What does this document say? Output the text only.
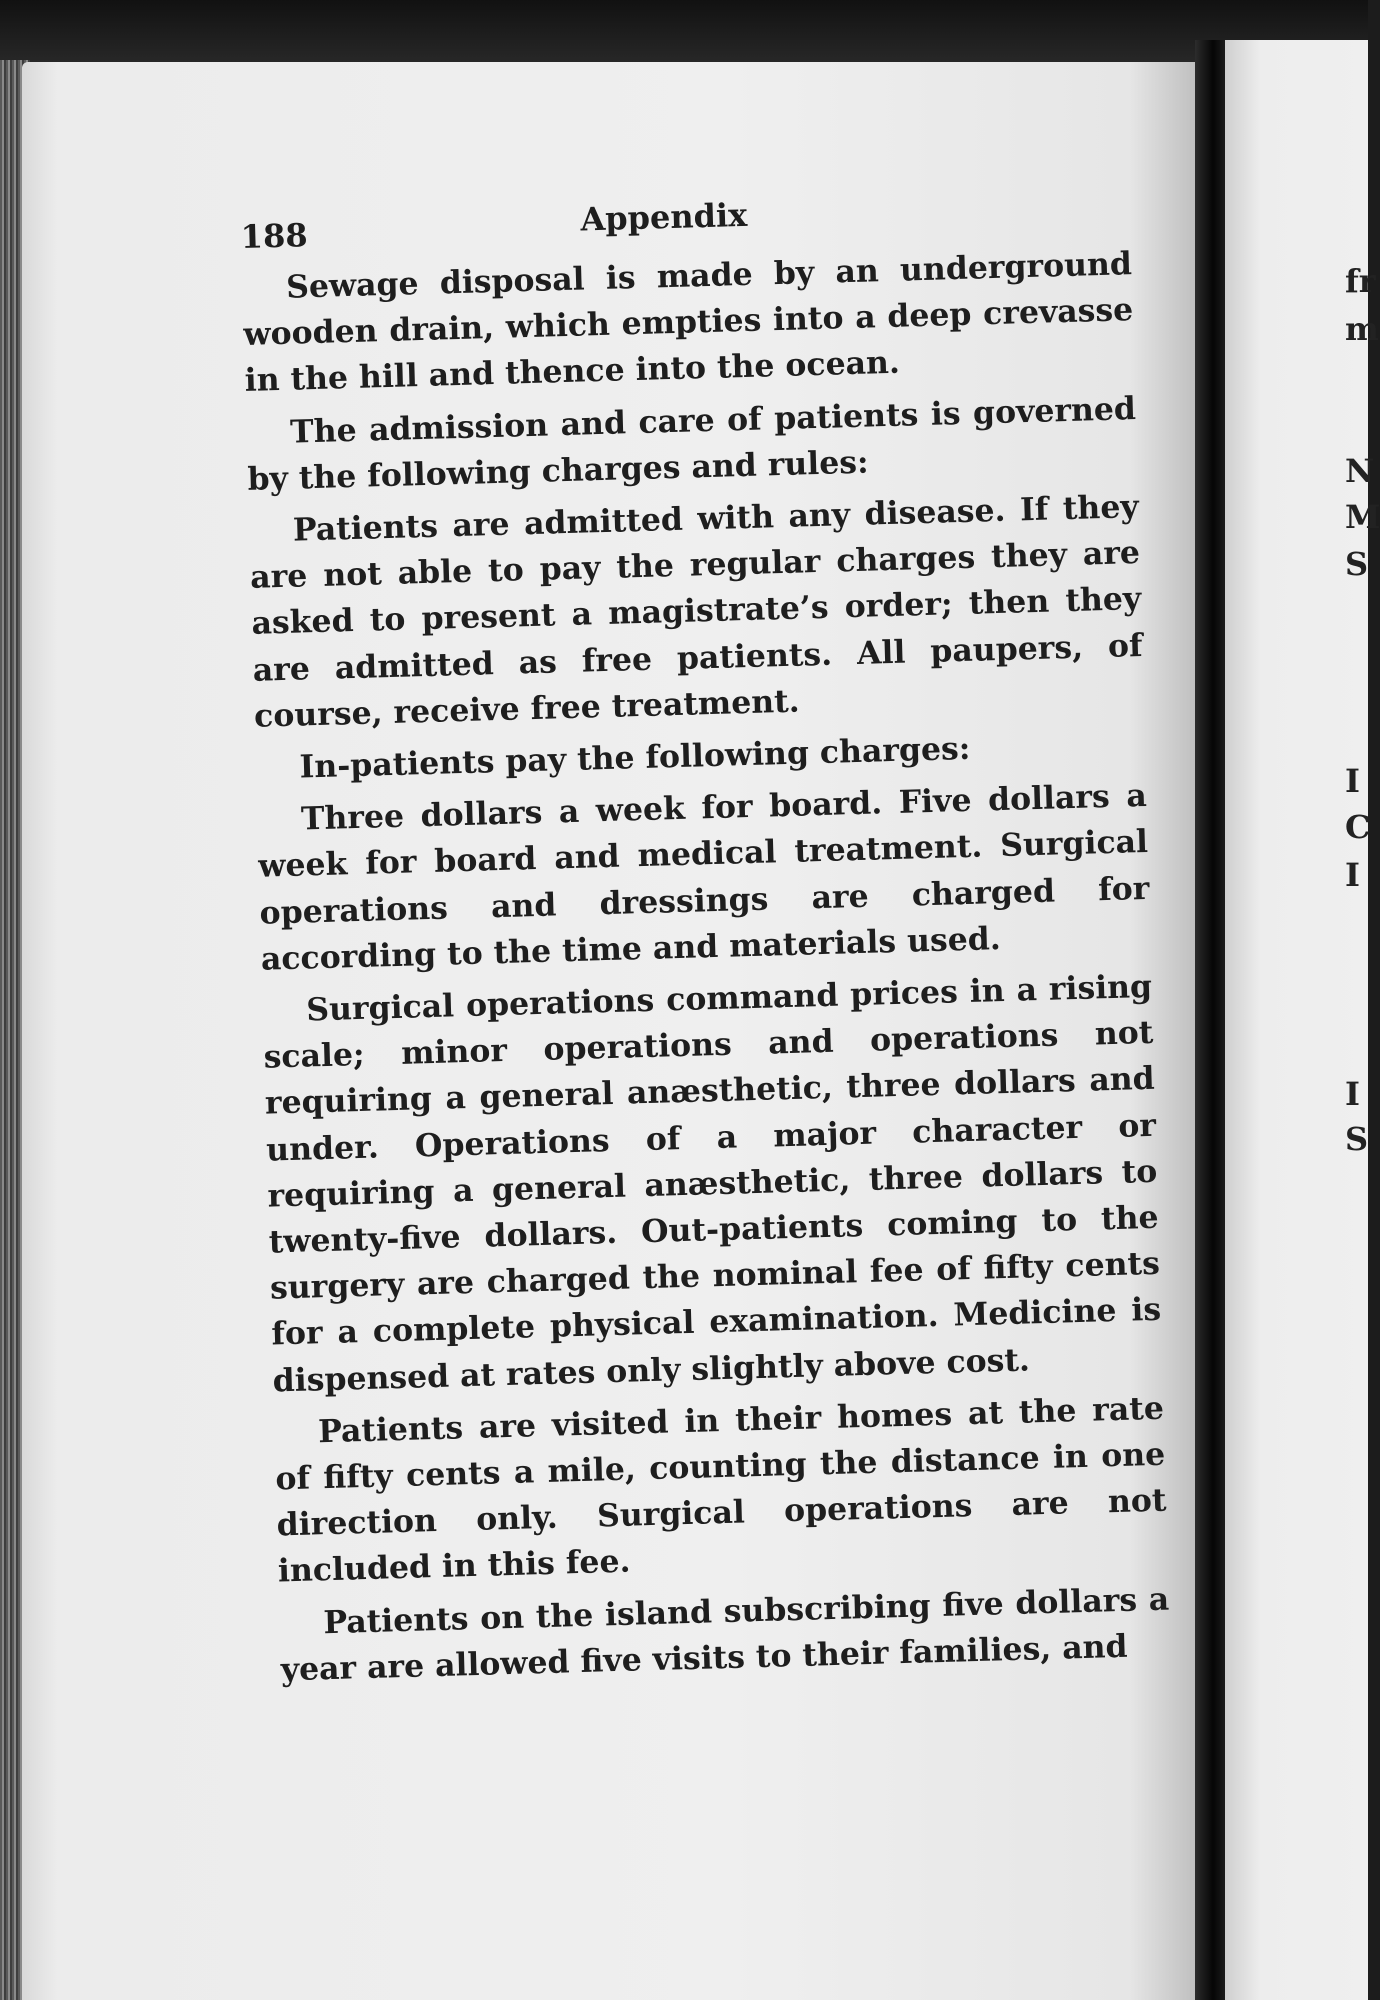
fr
m
N
M
S
I
C
I
I
S
188	Appendix

Sewage disposal is made by an underground wooden drain, which empties into a deep crevasse in the hill and thence into the ocean.

The admission and care of patients is governed by the following charges and rules:

Patients are admitted with any disease. If they are not able to pay the regular charges they are asked to present a magistrate’s order; then they are admitted as free patients. All paupers, of course, receive free treatment.

In-patients pay the following charges:

Three dollars a week for board. Five dollars a week for board and medical treatment. Surgical operations and dressings are charged for according to the time and materials used.

Surgical operations command prices in a rising scale; minor operations and operations not requiring a general anæsthetic, three dollars and under. Operations of a major character or requiring a general anæsthetic, three dollars to twenty-five dollars. Out-patients coming to the surgery are charged the nominal fee of fifty cents for a complete physical examination. Medicine is dispensed at rates only slightly above cost.

Patients are visited in their homes at the rate of fifty cents a mile, counting the distance in one direction only. Surgical operations are not included in this fee.

Patients on the island subscribing five dollars a year are allowed five visits to their families, and
